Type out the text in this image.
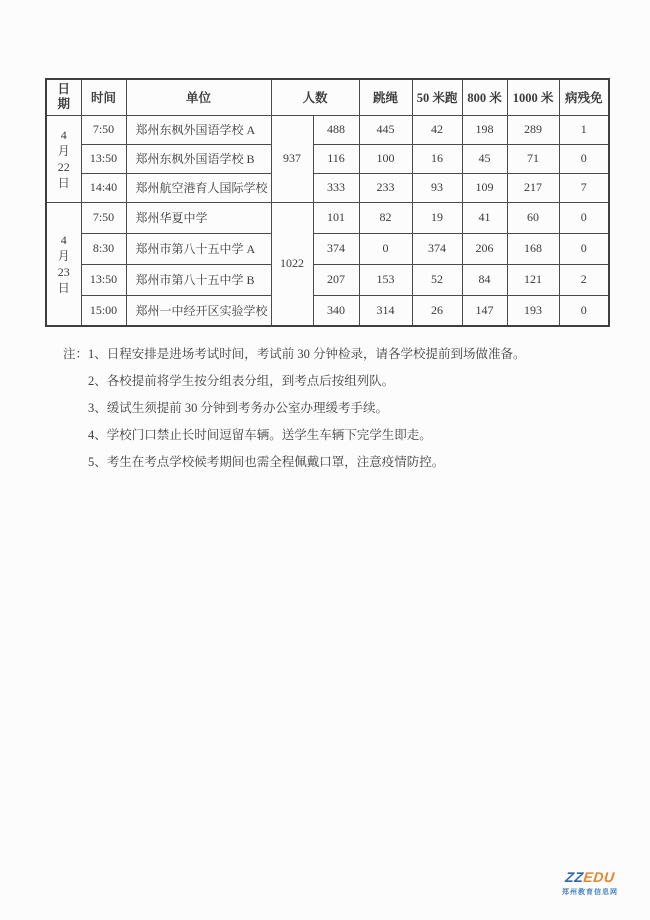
日
期	时间	单位	人数		跳绳	50 米跑	800 米	1000 米	病残免

4
月
22
日	7:50	郑州东枫外国语学校 A	937	488	445	42	198	289	1
	13:50	郑州东枫外国语学校 B		116	100	16	45	71	0
	14:40	郑州航空港育人国际学校		333	233	93	109	217	7

4
月
23
日	7:50	郑州华夏中学	1022	101	82	19	41	60	0
	8:30	郑州市第八十五中学 A		374	0	374	206	168	0
	13:50	郑州市第八十五中学 B		207	153	52	84	121	2
	15:00	郑州一中经开区实验学校		340	314	26	147	193	0
注：1、日程安排是进场考试时间，考试前 30 分钟检录，请各学校提前到场做准备。
2、各校提前将学生按分组表分组，到考点后按组列队。
3、缓试生须提前 30 分钟到考务办公室办理缓考手续。
4、学校门口禁止长时间逗留车辆。送学生车辆下完学生即走。
5、考生在考点学校候考期间也需全程佩戴口罩，注意疫情防控。
ZZEDU
郑州教育信息网
